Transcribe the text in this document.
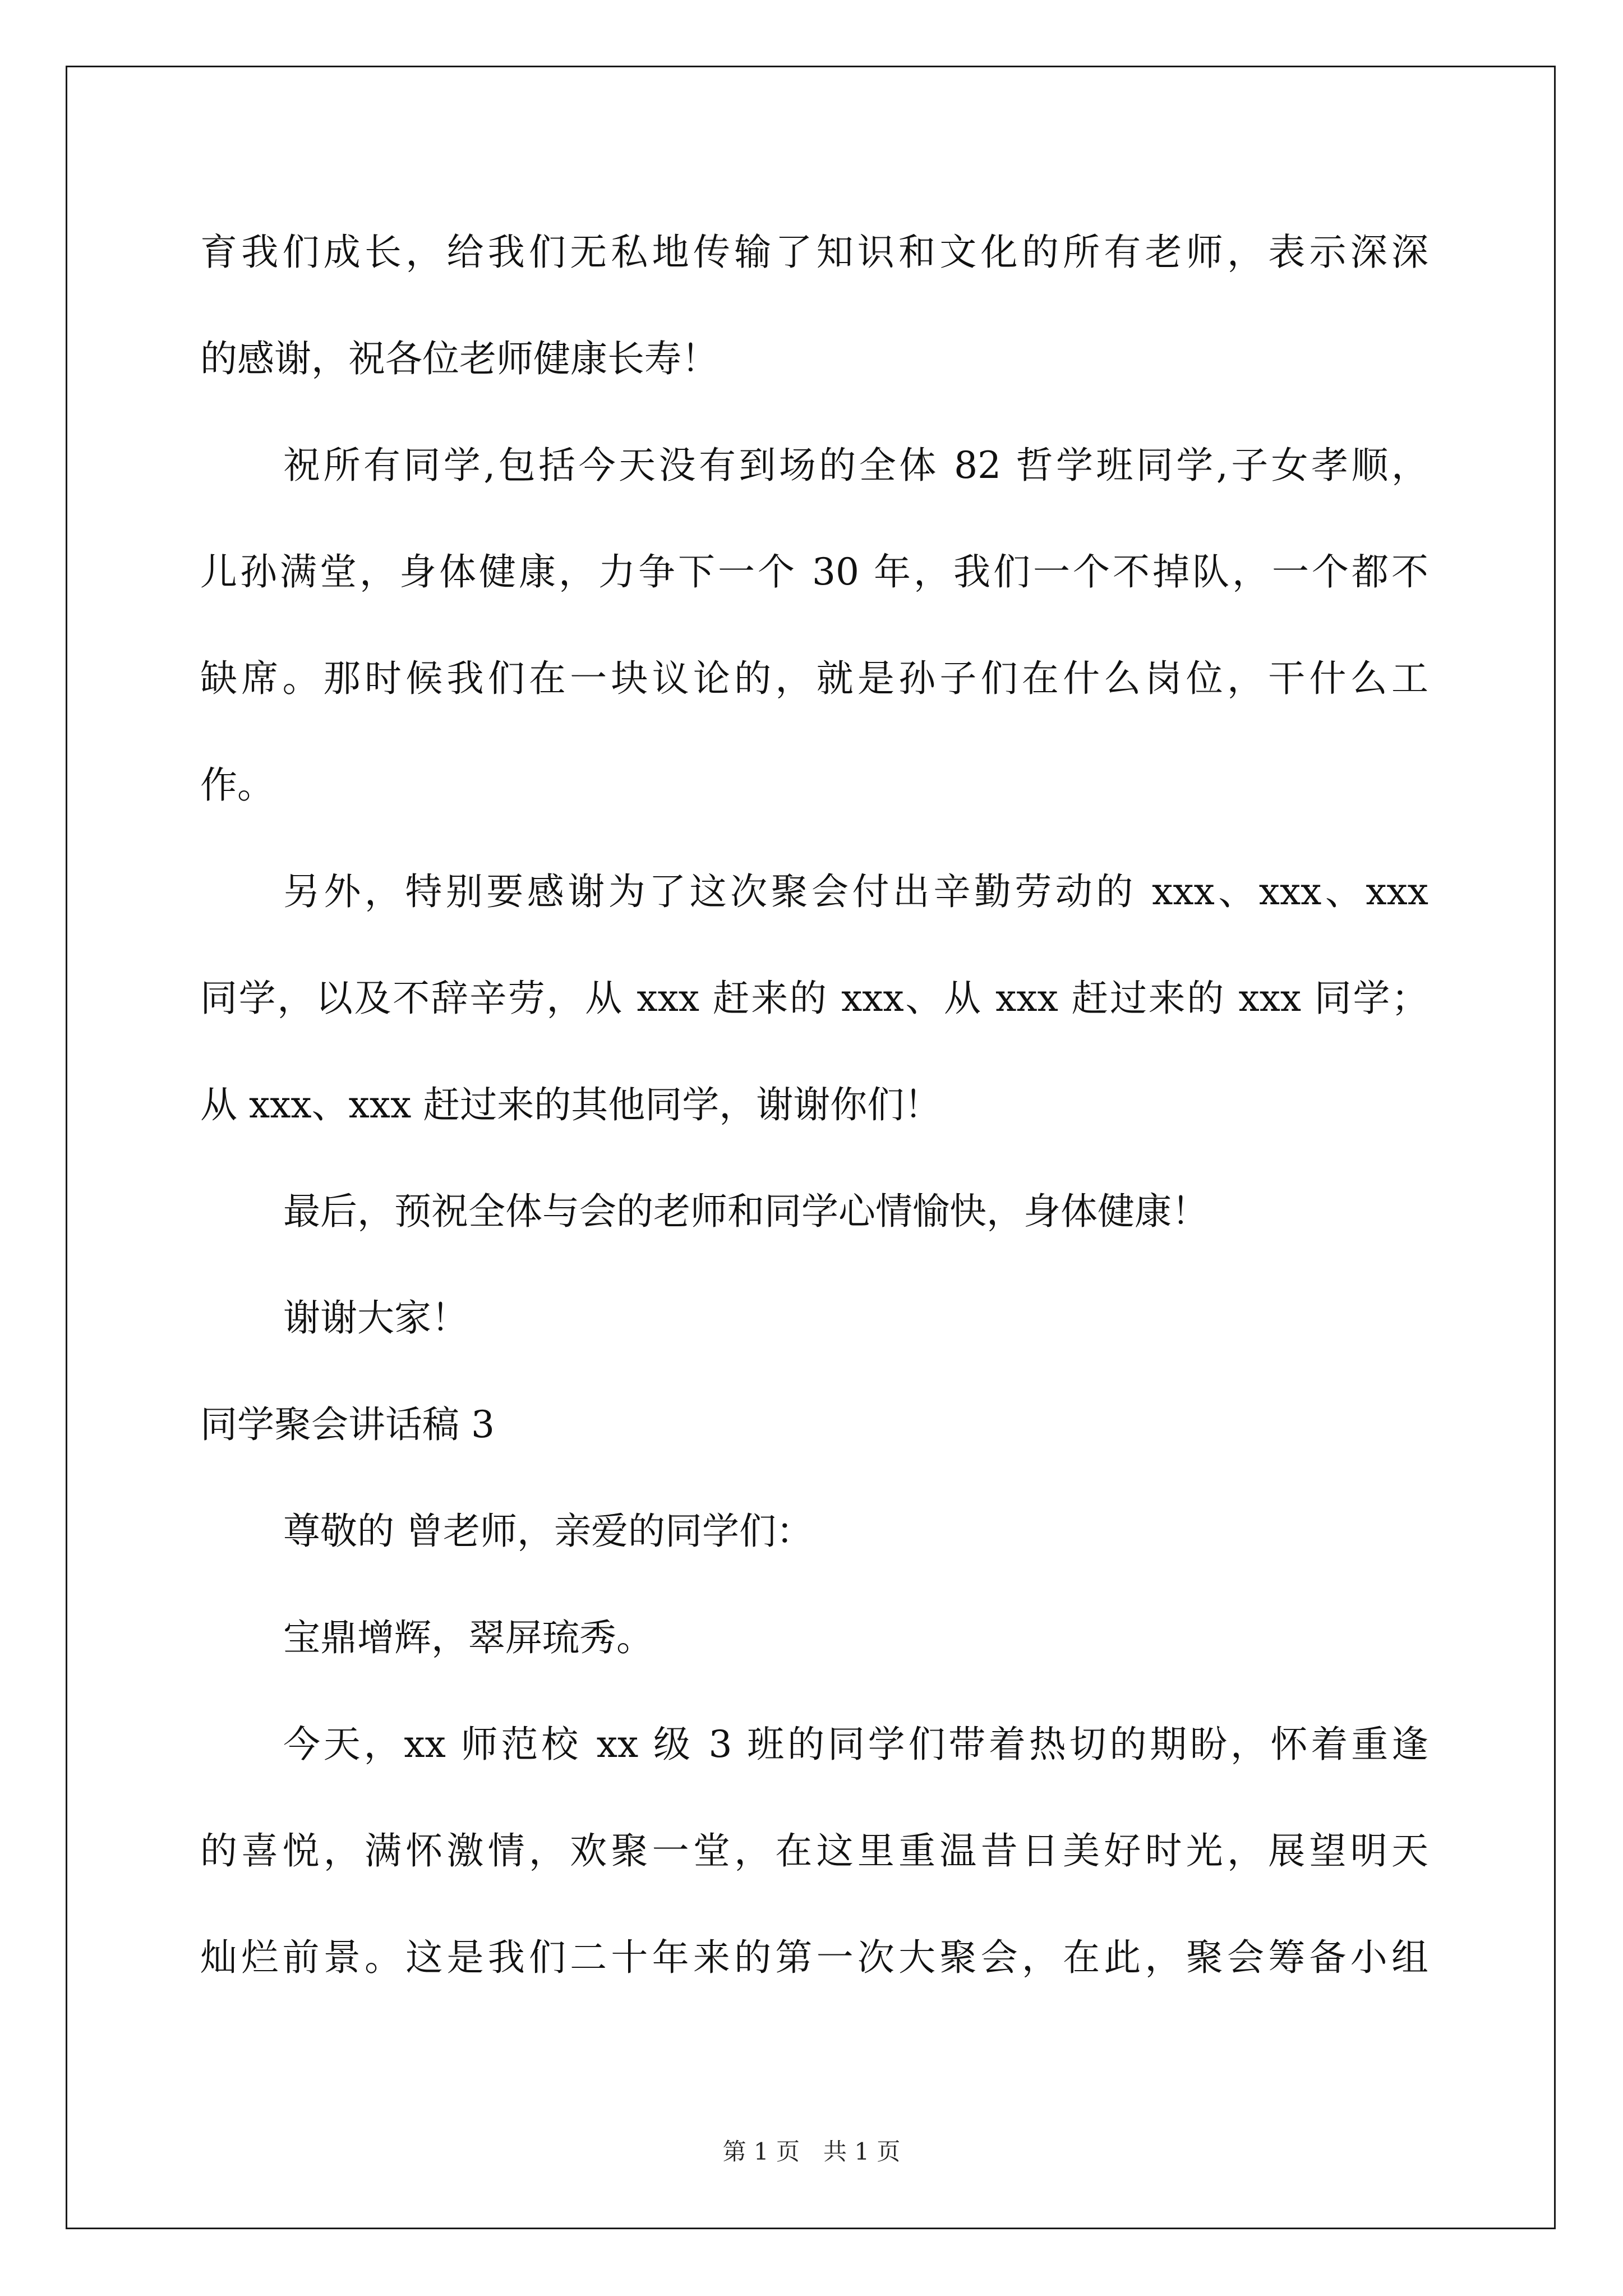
育我们成长，给我们无私地传输了知识和文化的所有老师，表示深深

的感谢，祝各位老师健康长寿！

祝所有同学,包括今天没有到场的全体 82 哲学班同学,子女孝顺，

儿孙满堂，身体健康，力争下一个 30 年，我们一个不掉队，一个都不

缺席。那时候我们在一块议论的，就是孙子们在什么岗位，干什么工

作。

另外，特别要感谢为了这次聚会付出辛勤劳动的 xxx、xxx、xxx

同学，以及不辞辛劳，从 xxx 赶来的 xxx、从 xxx 赶过来的 xxx 同学；

从 xxx、xxx 赶过来的其他同学，谢谢你们！

最后，预祝全体与会的老师和同学心情愉快，身体健康！

谢谢大家！

同学聚会讲话稿 3

尊敬的 曾老师，亲爱的同学们：

宝鼎增辉，翠屏琉秀。

今天，xx 师范校 xx 级 3 班的同学们带着热切的期盼，怀着重逢

的喜悦，满怀激情，欢聚一堂，在这里重温昔日美好时光，展望明天

灿烂前景。这是我们二十年来的第一次大聚会，在此，聚会筹备小组

第 1 页　共 1 页
